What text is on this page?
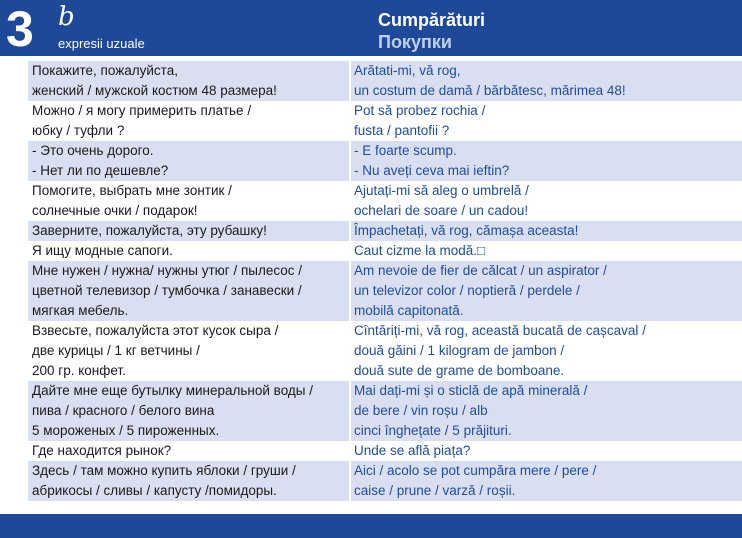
3 b
expresii uzuale
Cumpărături
Покупки
Покажите, пожалуйста,
женский / мужской костюм 48 размера!
Arătati-mi, vă rog,
un costum de damă / bărbătesc, mărimea 48!
Можно / я могу примерить платье /
юбку / туфли ?
Pot să probez rochia /
fusta / pantofii ?
- Это очень дорого.
- Нет ли по дешевле?
- E foarte scump.
- Nu aveți ceva mai ieftin?
Помогите, выбрать мне зонтик /
солнечные очки / подарок!
Ajutați-mi să aleg o umbrelă /
ochelari de soare / un cadou!
Заверните, пожалуйста, эту рубашку!	Împachetați, vă rog, cămașa aceasta!
Я ищу модные сапоги.	Caut cizme la modă.□
Мне нужен / нужна/ нужны утюг / пылесос /
цветной телевизор / тумбочка / занавески /
мягкая мебель.
Am nevoie de fier de călcat / un aspirator /
un televizor color / noptieră / perdele /
mobilă capitonată.
Взвесьте, пожалуйста этот кусок сыра /
две курицы / 1 кг ветчины /
200 гр. конфет.
Cîntăriți-mi, vă rog, această bucată de cașcaval /
două găini / 1 kilogram de jambon /
două sute de grame de bomboane.
Дайте мне еще бутылку минеральной воды /
пива / красного / белого вина
5 мороженых / 5 пироженных.
Mai dați-mi și o sticlă de apă minerală /
de bere / vin roșu / alb
cinci înghețate / 5 prăjituri.
Где находится рынок?	Unde se află piața?
Здесь / там можно купить яблоки / груши /
абрикосы / сливы / капусту /помидоры.
Aici / acolo se pot cumpăra mere / pere /
caise / prune / varză / roșii.
